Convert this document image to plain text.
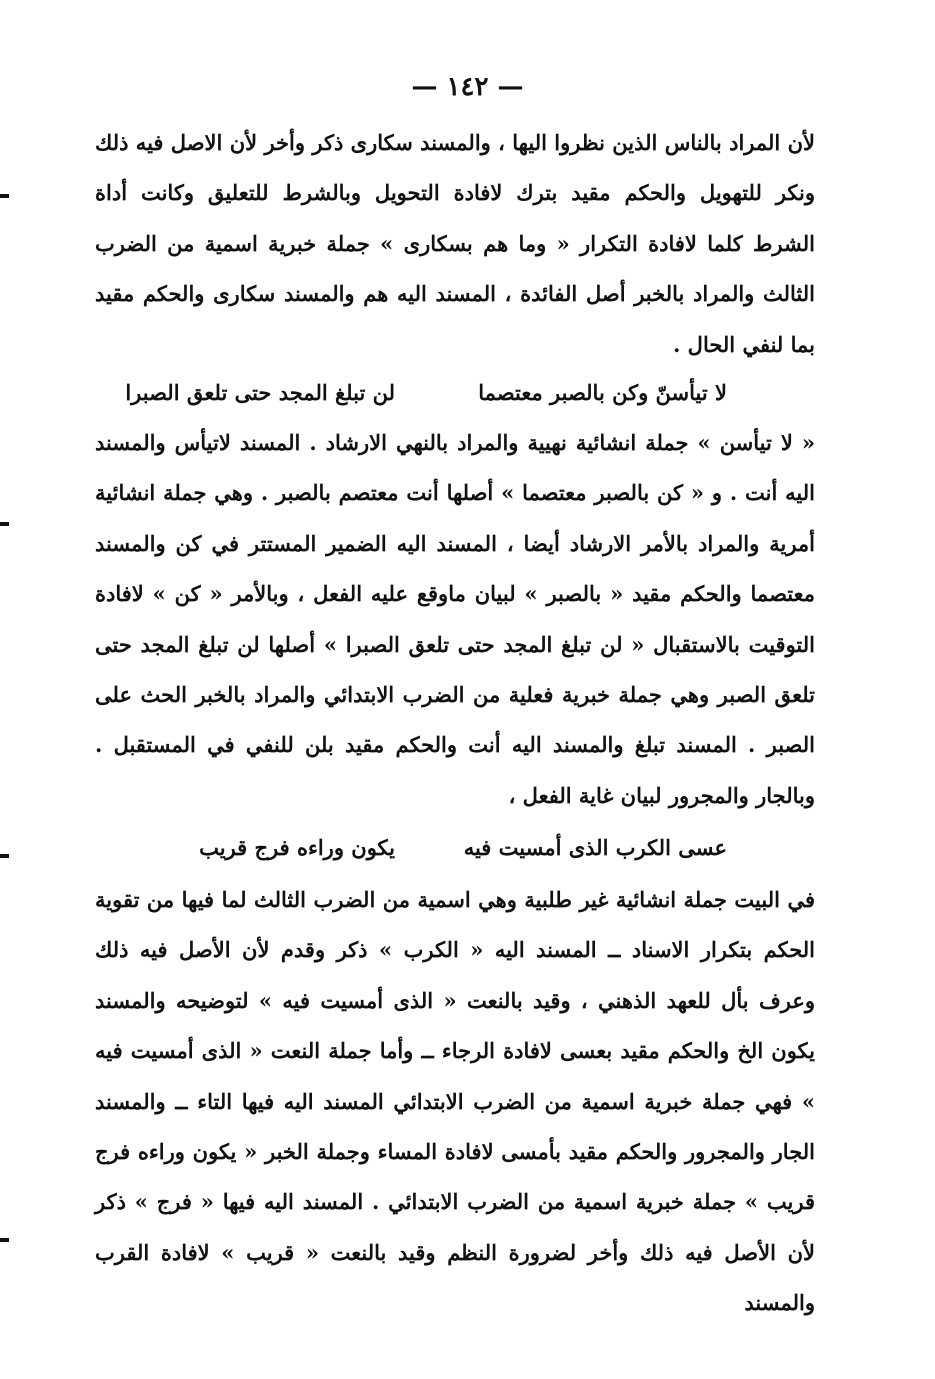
— ١٤٢ —

لأن المراد بالناس الذين نظروا اليها ، والمسند سكارى ذكر وأخر لأن الاصل فيه ذلك ونكر للتهويل والحكم مقيد بترك لافادة التحويل وبالشرط للتعليق وكانت أداة الشرط كلما لافادة التكرار « وما هم بسكارى » جملة خبرية اسمية من الضرب الثالث والمراد بالخبر أصل الفائدة ، المسند اليه هم والمسند سكارى والحكم مقيد بما لنفي الحال .

لا تيأسنّ وكن بالصبر معتصما
لن تبلغ المجد حتى تلعق الصبرا

« لا تيأسن » جملة انشائية نهيية والمراد بالنهي الارشاد . المسند لاتيأس والمسند اليه أنت . و « كن بالصبر معتصما » أصلها أنت معتصم بالصبر . وهي جملة انشائية أمرية والمراد بالأمر الارشاد أيضا ، المسند اليه الضمير المستتر في كن والمسند معتصما والحكم مقيد « بالصبر » لبيان ماوقع عليه الفعل ، وبالأمر « كن » لافادة التوقيت بالاستقبال « لن تبلغ المجد حتى تلعق الصبرا » أصلها لن تبلغ المجد حتى تلعق الصبر وهي جملة خبرية فعلية من الضرب الابتدائي والمراد بالخبر الحث على الصبر . المسند تبلغ والمسند اليه أنت والحكم مقيد بلن للنفي في المستقبل . وبالجار والمجرور لبيان غاية الفعل ،

عسى الكرب الذى أمسيت فيه
يكون وراءه فرج قريب

في البيت جملة انشائية غير طلبية وهي اسمية من الضرب الثالث لما فيها من تقوية الحكم بتكرار الاسناد ــ المسند اليه « الكرب » ذكر وقدم لأن الأصل فيه ذلك وعرف بأل للعهد الذهني ، وقيد بالنعت « الذى أمسيت فيه » لتوضيحه والمسند يكون الخ والحكم مقيد بعسى لافادة الرجاء ــ وأما جملة النعت « الذى أمسيت فيه » فهي جملة خبرية اسمية من الضرب الابتدائي المسند اليه فيها التاء ــ والمسند الجار والمجرور والحكم مقيد بأمسى لافادة المساء وجملة الخبر « يكون وراءه فرج قريب » جملة خبرية اسمية من الضرب الابتدائي . المسند اليه فيها « فرج » ذكر لأن الأصل فيه ذلك وأخر لضرورة النظم وقيد بالنعت « قريب » لافادة القرب والمسند
